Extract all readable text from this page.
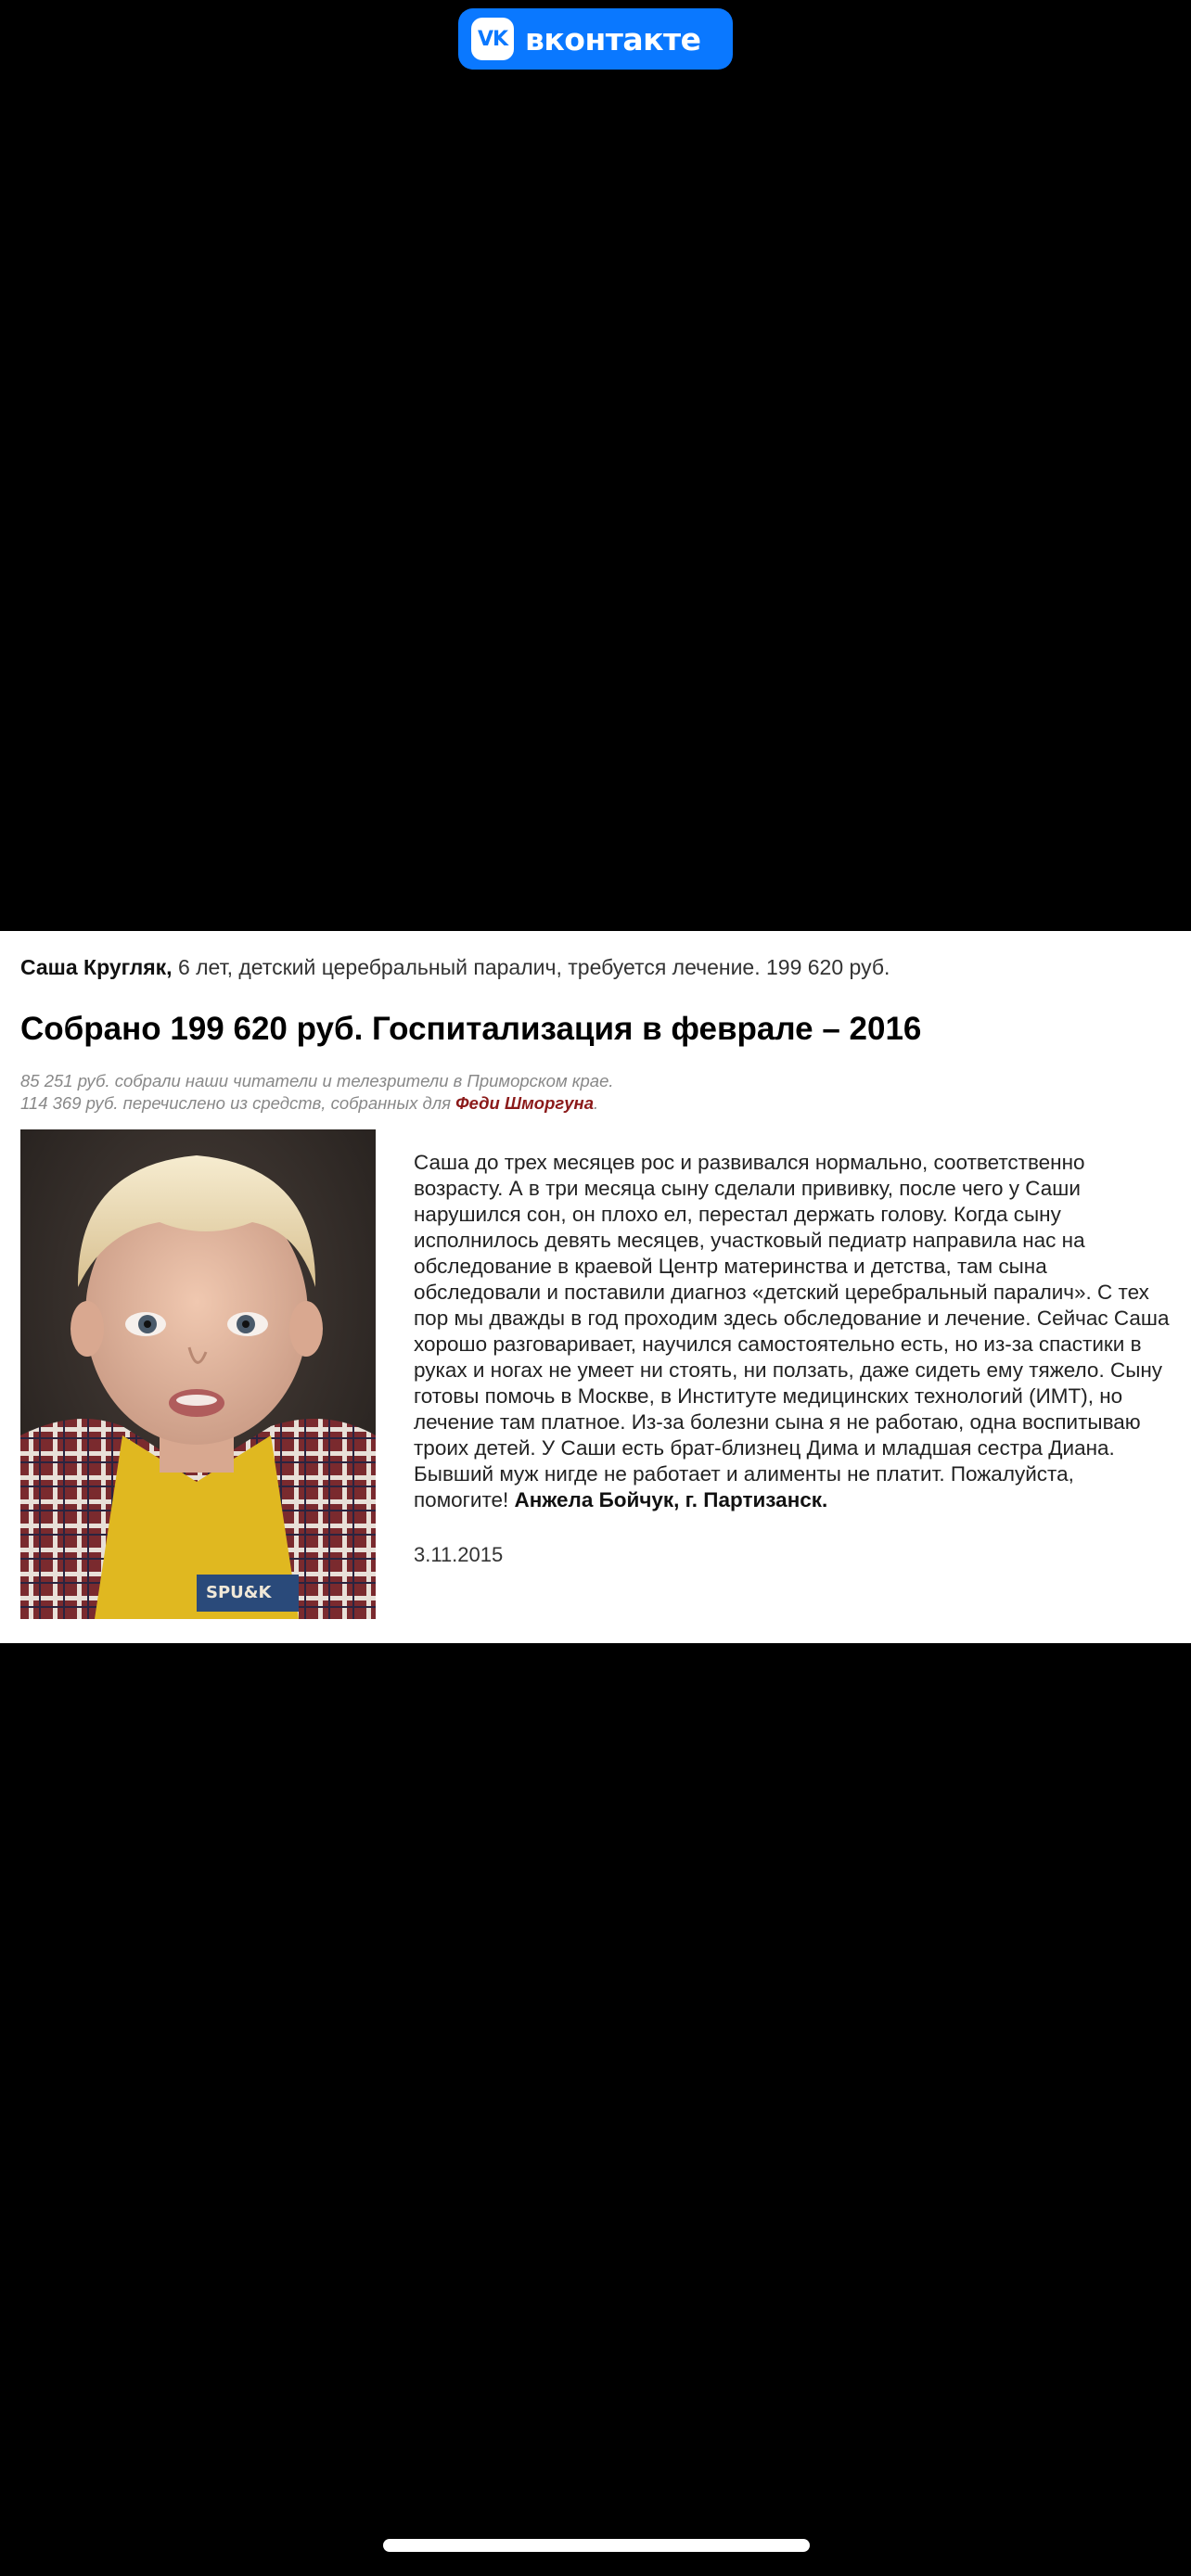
VK вконтакте
Саша Кругляк, 6 лет, детский церебральный паралич, требуется лечение. 199 620 руб.
Собрано 199 620 руб. Госпитализация в феврале – 2016
85 251 руб. собрали наши читатели и телезрители в Приморском крае.
114 369 руб. перечислено из средств, собранных для Феди Шморгуна.
SPU&K

Саша до трех месяцев рос и развивался нормально, соответственно возрасту. А в три месяца сыну сделали прививку, после чего у Саши нарушился сон, он плохо ел, перестал держать голову. Когда сыну исполнилось девять месяцев, участковый педиатр направила нас на обследование в краевой Центр материнства и детства, там сына обследовали и поставили диагноз «детский церебральный паралич». С тех пор мы дважды в год проходим здесь обследование и лечение. Сейчас Саша хорошо разговаривает, научился самостоятельно есть, но из-за спастики в руках и ногах не умеет ни стоять, ни ползать, даже сидеть ему тяжело. Сыну готовы помочь в Москве, в Институте медицинских технологий (ИМТ), но лечение там платное. Из-за болезни сына я не работаю, одна воспитываю троих детей. У Саши есть брат-близнец Дима и младшая сестра Диана. Бывший муж нигде не работает и алименты не платит. Пожалуйста, помогите! Анжела Бойчук, г. Партизанск.

3.11.2015
